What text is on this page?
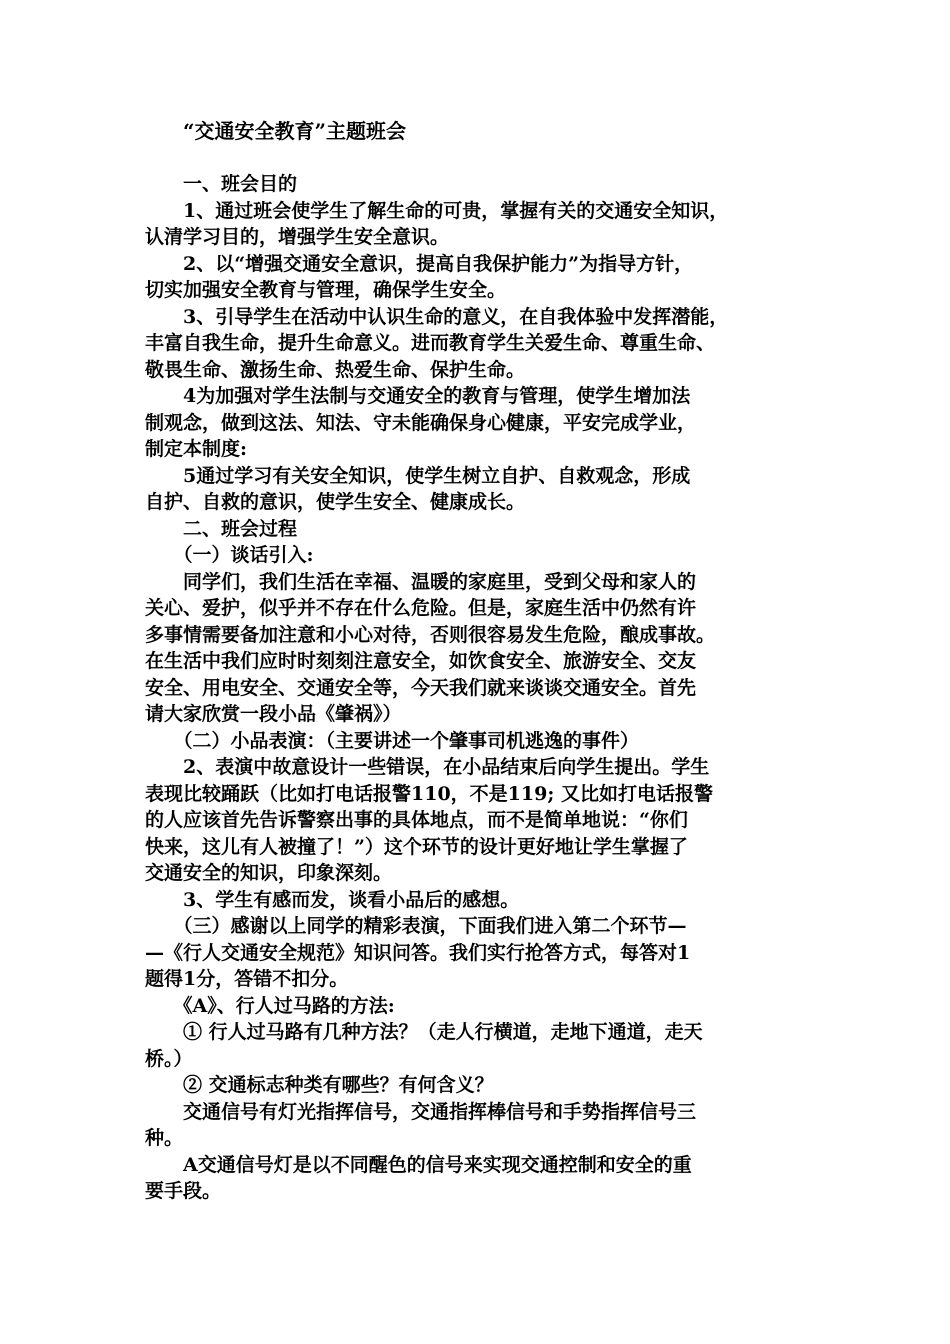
“交通安全教育”主题班会
　　一、班会目的
　　1、通过班会使学生了解生命的可贵，掌握有关的交通安全知识，
认清学习目的，增强学生安全意识。
　　2、以“增强交通安全意识，提高自我保护能力”为指导方针，
切实加强安全教育与管理，确保学生安全。
　　3、引导学生在活动中认识生命的意义，在自我体验中发挥潜能，
丰富自我生命，提升生命意义。进而教育学生关爱生命、尊重生命、
敬畏生命、激扬生命、热爱生命、保护生命。
　　4为加强对学生法制与交通安全的教育与管理，使学生增加法
制观念，做到这法、知法、守未能确保身心健康，平安完成学业，
制定本制度:
　　5通过学习有关安全知识，使学生树立自护、自救观念，形成
自护、自救的意识，使学生安全、健康成长。
　　二、班会过程
　　（一）谈话引入:
　　同学们，我们生活在幸福、温暖的家庭里，受到父母和家人的
关心、爱护，似乎并不存在什么危险。但是，家庭生活中仍然有许
多事情需要备加注意和小心对待，否则很容易发生危险，酿成事故。
在生活中我们应时时刻刻注意安全，如饮食安全、旅游安全、交友
安全、用电安全、交通安全等，今天我们就来谈谈交通安全。首先
请大家欣赏一段小品《肇祸》）
　　（二）小品表演：（主要讲述一个肇事司机逃逸的事件）
　　2、表演中故意设计一些错误，在小品结束后向学生提出。学生
表现比较踊跃（比如打电话报警110，不是119; 又比如打电话报警
的人应该首先告诉警察出事的具体地点，而不是简单地说：“你们
快来，这儿有人被撞了！”）这个环节的设计更好地让学生掌握了
交通安全的知识，印象深刻。
　　3、学生有感而发，谈看小品后的感想。
　　（三）感谢以上同学的精彩表演，下面我们进入第二个环节—
—《行人交通安全规范》知识问答。我们实行抢答方式，每答对1
题得1分，答错不扣分。
　　《A》、行人过马路的方法:
　　① 行人过马路有几种方法？（走人行横道，走地下通道，走天
桥。）
　　② 交通标志种类有哪些？有何含义？
　　交通信号有灯光指挥信号，交通指挥棒信号和手势指挥信号三
种。
　　A交通信号灯是以不同醒色的信号来实现交通控制和安全的重
要手段。
